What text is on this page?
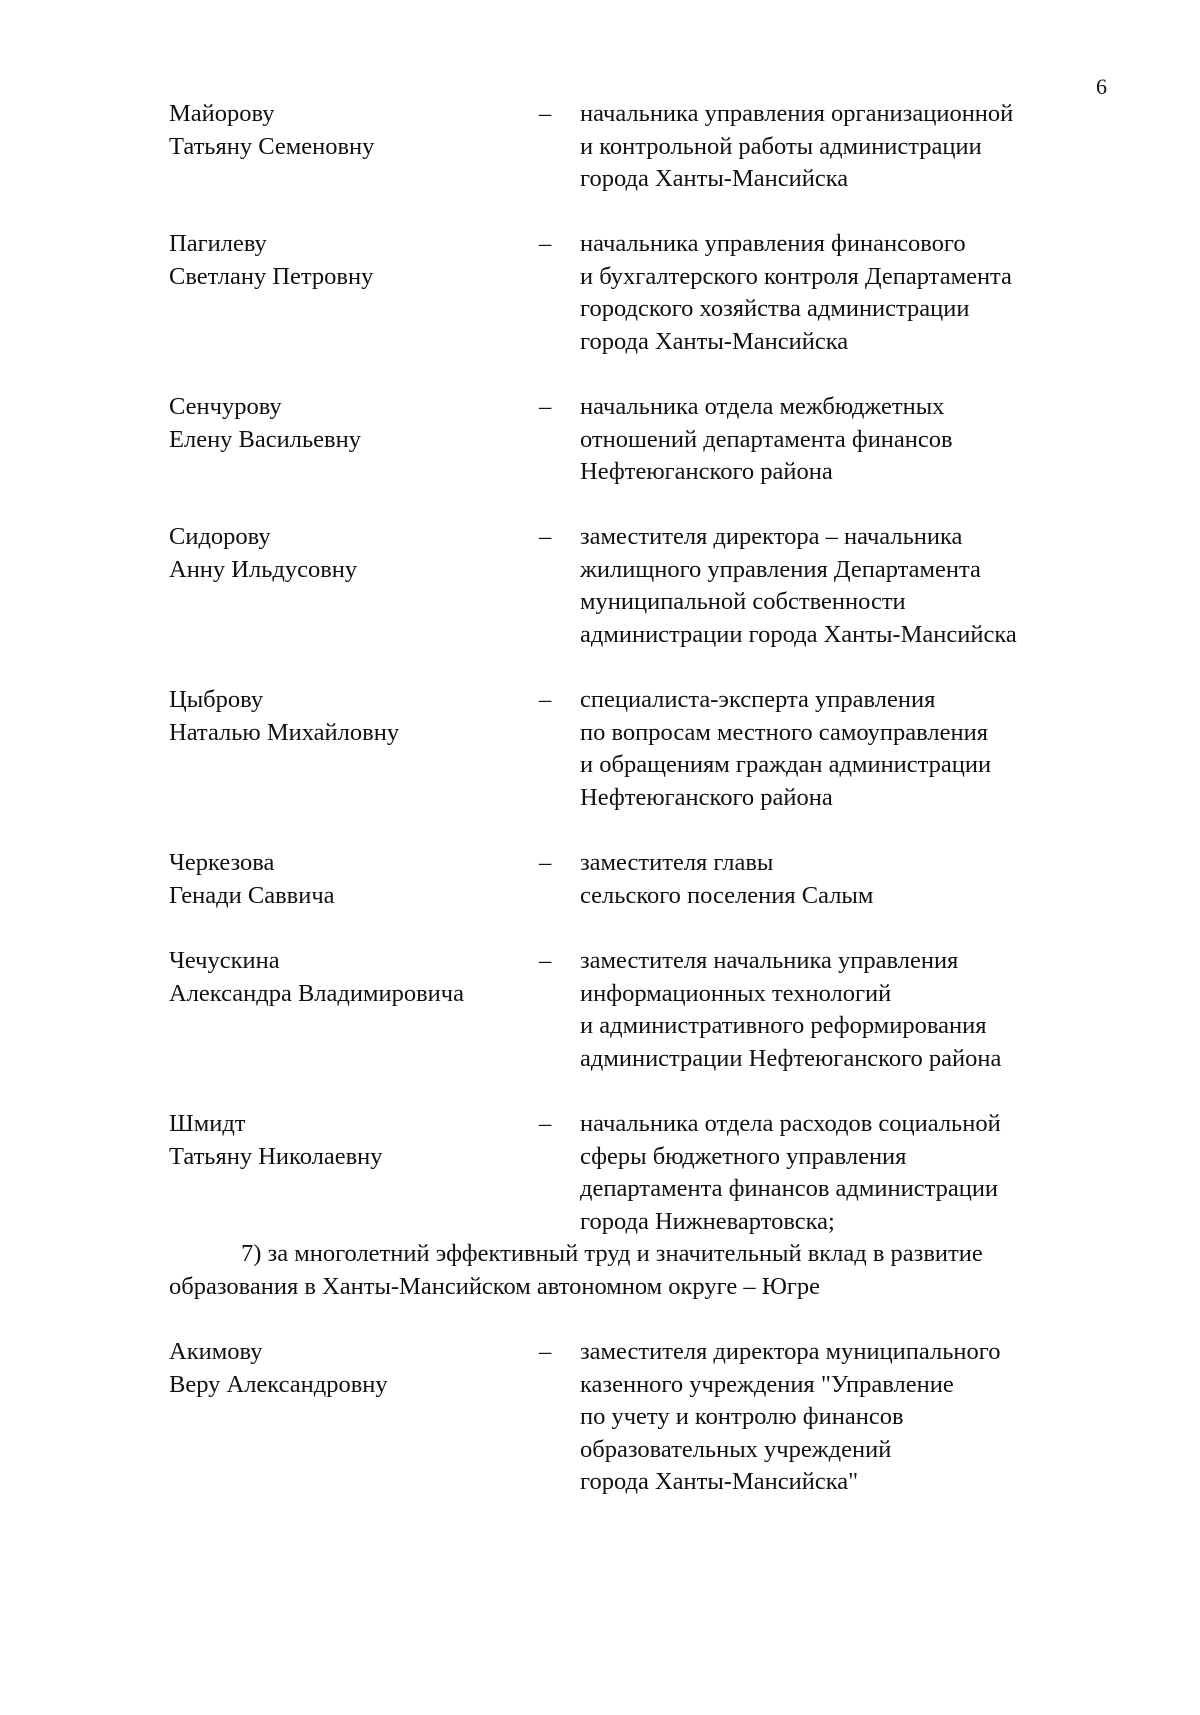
6
Майорову
Татьяну Семеновну
– начальника управления организационной
и контрольной работы администрации
города Ханты-Мансийска
Пагилеву
Светлану Петровну
– начальника управления финансового
и бухгалтерского контроля Департамента
городского хозяйства администрации
города Ханты-Мансийска
Сенчурову
Елену Васильевну
– начальника отдела межбюджетных
отношений департамента финансов
Нефтеюганского района
Сидорову
Анну Ильдусовну
– заместителя директора – начальника
жилищного управления Департамента
муниципальной собственности
администрации города Ханты-Мансийска
Цыброву
Наталью Михайловну
– специалиста-эксперта управления
по вопросам местного самоуправления
и обращениям граждан администрации
Нефтеюганского района
Черкезова
Генади Саввича
– заместителя главы
сельского поселения Салым
Чечускина
Александра Владимировича
– заместителя начальника управления
информационных технологий
и административного реформирования
администрации Нефтеюганского района
Шмидт
Татьяну Николаевну
– начальника отдела расходов социальной
сферы бюджетного управления
департамента финансов администрации
города Нижневартовска;
7) за многолетний эффективный труд и значительный вклад в развитие
образования в Ханты-Мансийском автономном округе – Югре
Акимову
Веру Александровну
– заместителя директора муниципального
казенного учреждения "Управление
по учету и контролю финансов
образовательных учреждений
города Ханты-Мансийска"
